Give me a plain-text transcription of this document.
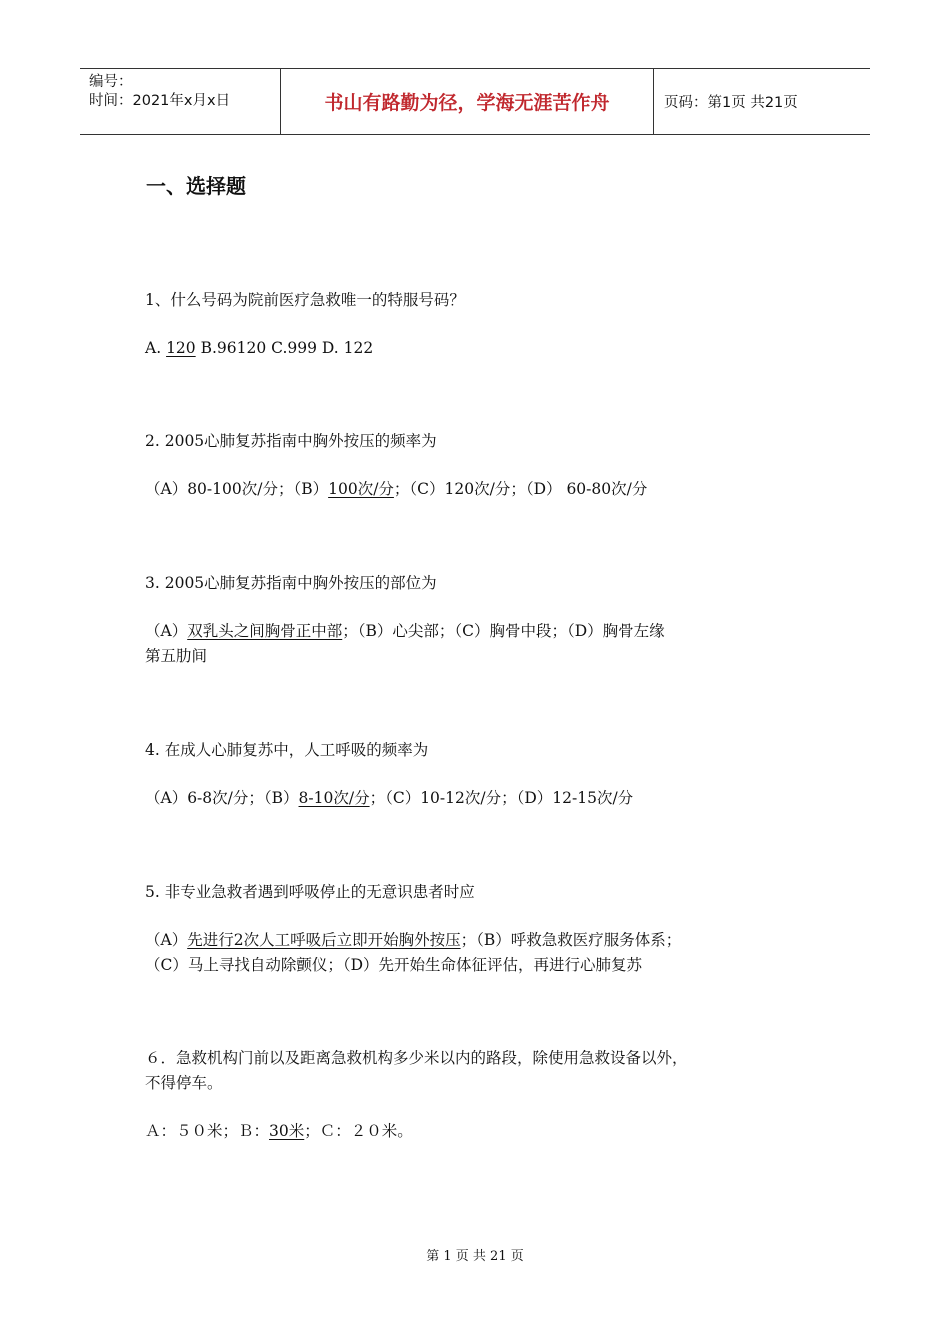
编号：
时间：2021年x月x日	书山有路勤为径，学海无涯苦作舟	页码：第1页 共21页
一、选择题

1、什么号码为院前医疗急救唯一的特服号码？

A. 120 B.96120 C.999 D. 122

2. 2005心肺复苏指南中胸外按压的频率为

（A）80-100次/分；（B）100次/分；（C）120次/分；（D） 60-80次/分

3. 2005心肺复苏指南中胸外按压的部位为

（A）双乳头之间胸骨正中部；（B）心尖部；（C）胸骨中段；（D）胸骨左缘

第五肋间

4. 在成人心肺复苏中，人工呼吸的频率为

（A）6-8次/分；（B）8-10次/分；（C）10-12次/分；（D）12-15次/分

5. 非专业急救者遇到呼吸停止的无意识患者时应

（A）先进行2次人工呼吸后立即开始胸外按压；（B）呼救急救医疗服务体系；

（C）马上寻找自动除颤仪；（D）先开始生命体征评估，再进行心肺复苏

６．急救机构门前以及距离急救机构多少米以内的路段，除使用急救设备以外，

不得停车。

Ａ：５０米；Ｂ：30米；Ｃ：２０米。

第 1 页 共 21 页
